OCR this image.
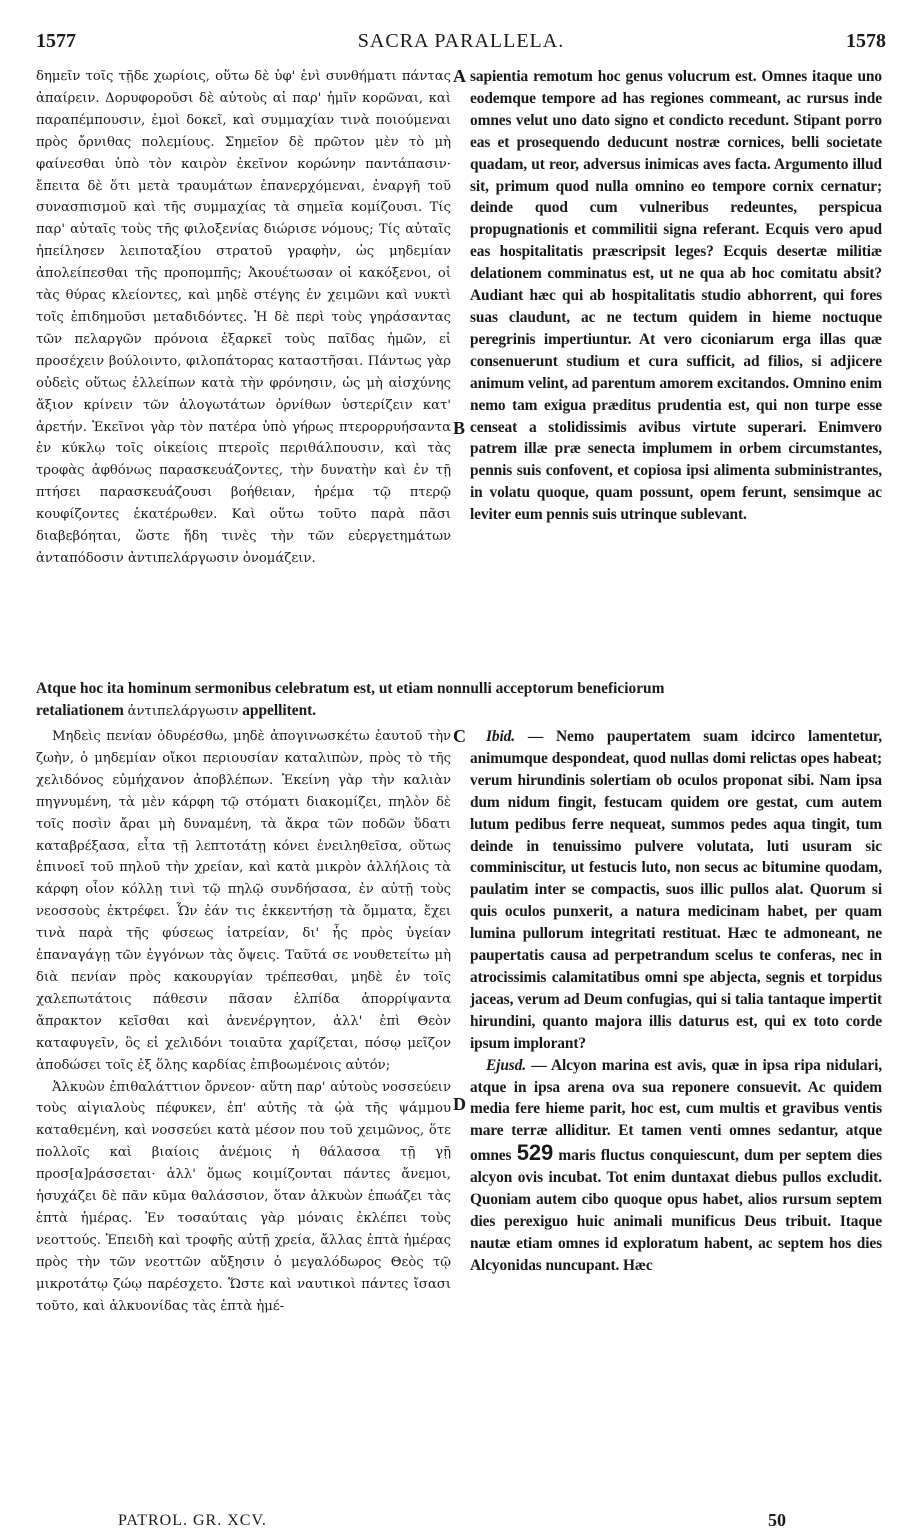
1577	SACRA PARALLELA.	1578

δημεῖν τοῖς τῇδε χωρίοις, οὕτω δὲ ὑφ' ἑνὶ συνθήματι πάντας ἀπαίρειν. Δορυφοροῦσι δὲ αὐτοὺς αἱ παρ' ἡμῖν κορῶναι, καὶ παραπέμπουσιν, ἐμοὶ δοκεῖ, καὶ συμμαχίαν τινὰ ποιούμεναι πρὸς ὄρνιθας πολεμίους. Σημεῖον δὲ πρῶτον μὲν τὸ μὴ φαίνεσθαι ὑπὸ τὸν καιρὸν ἐκεῖνον κορώνην παντάπασιν· ἔπειτα δὲ ὅτι μετὰ τραυμάτων ἐπανερχόμεναι, ἐναργῆ τοῦ συνασπισμοῦ καὶ τῆς συμμαχίας τὰ σημεῖα κομίζουσι. Τίς παρ' αὐταῖς τοὺς τῆς φιλοξενίας διώρισε νόμους; Τίς αὐταῖς ἠπείλησεν λειποταξίου στρατοῦ γραφὴν, ὡς μηδεμίαν ἀπολείπεσθαι τῆς προπομπῆς; Ἀκουέτωσαν οἱ κακόξενοι, οἱ τὰς θύρας κλείοντες, καὶ μηδὲ στέγης ἐν χειμῶνι καὶ νυκτὶ τοῖς ἐπιδημοῦσι μεταδιδόντες. Ἡ δὲ περὶ τοὺς γηράσαντας τῶν πελαργῶν πρόνοια ἐξαρκεῖ τοὺς παῖδας ἡμῶν, εἰ προσέχειν βούλοιντο, φιλοπάτορας καταστῆσαι. Πάντως γὰρ οὐδεὶς οὕτως ἐλλείπων κατὰ τὴν φρόνησιν, ὡς μὴ αἰσχύνης ἄξιον κρίνειν τῶν ἀλογωτάτων ὀρνίθων ὑστερίζειν κατ' ἀρετήν. Ἐκεῖνοι γὰρ τὸν πατέρα ὑπὸ γήρως πτερορρυήσαντα ἐν κύκλῳ τοῖς οἰκείοις πτεροῖς περιθάλπουσιν, καὶ τὰς τροφὰς ἀφθόνως παρασκευάζοντες, τὴν δυνατὴν καὶ ἐν τῇ πτήσει παρασκευάζουσι βοήθειαν, ἠρέμα τῷ πτερῷ κουφίζοντες ἑκατέρωθεν. Καὶ οὕτω τοῦτο παρὰ πᾶσι διαβεβόηται, ὥστε ἤδη τινὲς τὴν τῶν εὐεργετημάτων ἀνταπόδοσιν ἀντιπελάργωσιν ὀνομάζειν.

sapientia remotum hoc genus volucrum est. Omnes itaque uno eodemque tempore ad has regiones commeant, ac rursus inde omnes velut uno dato signo et condicto recedunt. Stipant porro eas et prosequendo deducunt nostræ cornices, belli societate quadam, ut reor, adversus inimicas aves facta. Argumento illud sit, primum quod nulla omnino eo tempore cornix cernatur; deinde quod cum vulneribus redeuntes, perspicua propugnationis et commilitii signa referant. Ecquis vero apud eas hospitalitatis præscripsit leges? Ecquis desertæ militiæ delationem comminatus est, ut ne qua ab hoc comitatu absit? Audiant hæc qui ab hospitalitatis studio abhorrent, qui fores suas claudunt, ac ne tectum quidem in hieme noctuque peregrinis impertiuntur. At vero ciconiarum erga illas quæ consenuerunt studium et cura sufficit, ad filios, si adjicere animum velint, ad parentum amorem excitandos. Omnino enim nemo tam exigua præditus prudentia est, qui non turpe esse censeat a stolidissimis avibus virtute superari. Enimvero patrem illæ præ senecta implumem in orbem circumstantes, pennis suis confovent, et copiosa ipsi alimenta subministrantes, in volatu quoque, quam possunt, opem ferunt, sensimque ac leviter eum pennis suis utrinque sublevant.

Atque hoc ita hominum sermonibus celebratum est, ut etiam nonnulli acceptorum beneficiorum

retaliationem ἀντιπελάργωσιν appellitent.

Μηδεὶς πενίαν ὀδυρέσθω, μηδὲ ἀπογινωσκέτω ἑαυτοῦ τὴν ζωὴν, ὁ μηδεμίαν οἴκοι περιουσίαν καταλιπὼν, πρὸς τὸ τῆς χελιδόνος εὐμήχανον ἀποβλέπων. Ἐκείνη γὰρ τὴν καλιὰν πηγνυμένη, τὰ μὲν κάρφη τῷ στόματι διακομίζει, πηλὸν δὲ τοῖς ποσὶν ἄραι μὴ δυναμένη, τὰ ἄκρα τῶν ποδῶν ὕδατι καταβρέξασα, εἶτα τῇ λεπτοτάτῃ κόνει ἐνειληθεῖσα, οὕτως ἐπινοεῖ τοῦ πηλοῦ τὴν χρείαν, καὶ κατὰ μικρὸν ἀλλήλοις τὰ κάρφη οἷον κόλλῃ τινὶ τῷ πηλῷ συνδήσασα, ἐν αὐτῇ τοὺς νεοσσοὺς ἐκτρέφει. Ὧν ἐάν τις ἐκκεντήσῃ τὰ ὄμματα, ἔχει τινὰ παρὰ τῆς φύσεως ἰατρείαν, δι' ἧς πρὸς ὑγείαν ἐπαναγάγῃ τῶν ἐγγόνων τὰς ὄψεις. Ταῦτά σε νουθετείτω μὴ διὰ πενίαν πρὸς κακουργίαν τρέπεσθαι, μηδὲ ἐν τοῖς χαλεπωτάτοις πάθεσιν πᾶσαν ἐλπίδα ἀπορρίψαντα ἄπρακτον κεῖσθαι καὶ ἀνενέργητον, ἀλλ' ἐπὶ Θεὸν καταφυγεῖν, ὃς εἰ χελιδόνι τοιαῦτα χαρίζεται, πόσῳ μεῖζον ἀποδώσει τοῖς ἐξ ὅλης καρδίας ἐπιβοωμένοις αὐτόν;

Ἀλκυὼν ἐπιθαλάττιον ὄρνεον· αὕτη παρ' αὐτοὺς νοσσεύειν τοὺς αἰγιαλοὺς πέφυκεν, ἐπ' αὐτῆς τὰ ᾠὰ τῆς ψάμμου καταθεμένη, καὶ νοσσεύει κατὰ μέσον που τοῦ χειμῶνος, ὅτε πολλοῖς καὶ βιαίοις ἀνέμοις ἡ θάλασσα τῇ γῇ προσ[α]ράσσεται· ἀλλ' ὅμως κοιμίζονται πάντες ἄνεμοι, ἡσυχάζει δὲ πᾶν κῦμα θαλάσσιον, ὅταν ἀλκυὼν ἐπωάζει τὰς ἑπτὰ ἡμέρας. Ἐν τοσαύταις γὰρ μόναις ἐκλέπει τοὺς νεοττούς. Ἐπειδὴ καὶ τροφῆς αὐτῇ χρεία, ἄλλας ἑπτὰ ἡμέρας πρὸς τὴν τῶν νεοττῶν αὔξησιν ὁ μεγαλόδωρος Θεὸς τῷ μικροτάτῳ ζώῳ παρέσχετο. Ὥστε καὶ ναυτικοὶ πάντες ἴσασι τοῦτο, καὶ ἀλκυονίδας τὰς ἑπτὰ ἡμέ-

Ibid. — Nemo paupertatem suam idcirco lamentetur, animumque despondeat, quod nullas domi relictas opes habeat; verum hirundinis solertiam ob oculos proponat sibi. Nam ipsa dum nidum fingit, festucam quidem ore gestat, cum autem lutum pedibus ferre nequeat, summos pedes aqua tingit, tum deinde in tenuissimo pulvere volutata, luti usuram sic comminiscitur, ut festucis luto, non secus ac bitumine quodam, paulatim inter se compactis, suos illic pullos alat. Quorum si quis oculos punxerit, a natura medicinam habet, per quam lumina pullorum integritati restituat. Hæc te admoneant, ne paupertatis causa ad perpetrandum scelus te conferas, nec in atrocissimis calamitatibus omni spe abjecta, segnis et torpidus jaceas, verum ad Deum confugias, qui si talia tantaque impertit hirundini, quanto majora illis daturus est, qui ex toto corde ipsum implorant?

Ejusd. — Alcyon marina est avis, quæ in ipsa ripa nidulari, atque in ipsa arena ova sua reponere consuevit. Ac quidem media fere hieme parit, hoc est, cum multis et gravibus ventis mare terræ alliditur. Et tamen venti omnes sedantur, atque omnes 529 maris fluctus conquiescunt, dum per septem dies alcyon ovis incubat. Tot enim duntaxat diebus pullos excludit. Quoniam autem cibo quoque opus habet, alios rursum septem dies perexiguo huic animali munificus Deus tribuit. Itaque nautæ etiam omnes id exploratum habent, ac septem hos dies Alcyonidas nuncupant. Hæc

A
B
C
D
PATROL. GR. XCV.	50
